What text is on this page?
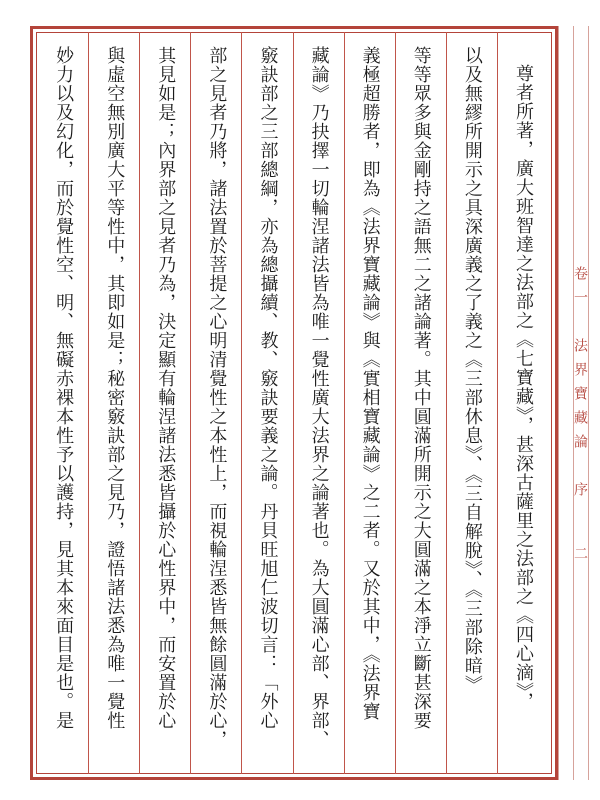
尊者所著，廣大班智達之法部之《七寶藏》，甚深古薩里之法部之《四心滴》，
以及無繆所開示之具深廣義之了義之《三部休息》、《三自解脫》、《三部除暗》
等等眾多與金剛持之語無二之諸論著。其中圓滿所開示之大圓滿之本淨立斷甚深要
義極超勝者，即為《法界寶藏論》與《實相寶藏論》之二者。又於其中，《法界寶
藏論》乃抉擇一切輪涅諸法皆為唯一覺性廣大法界之論著也。為大圓滿心部、界部、
竅訣部之三部總綱，亦為總攝續、教、竅訣要義之論。丹貝旺旭仁波切言：「外心
部之見者乃將，諸法置於菩提之心明清覺性之本性上，而視輪涅悉皆無餘圓滿於心，
其見如是；內界部之見者乃為，決定顯有輪涅諸法悉皆攝於心性界中，而安置於心
與虛空無別廣大平等性中，其即如是；秘密竅訣部之見乃，證悟諸法悉為唯一覺性
妙力以及幻化，而於覺性空、明、無礙赤裸本性予以護持，見其本來面目是也。是	卷一　法界寶藏論　序
二
